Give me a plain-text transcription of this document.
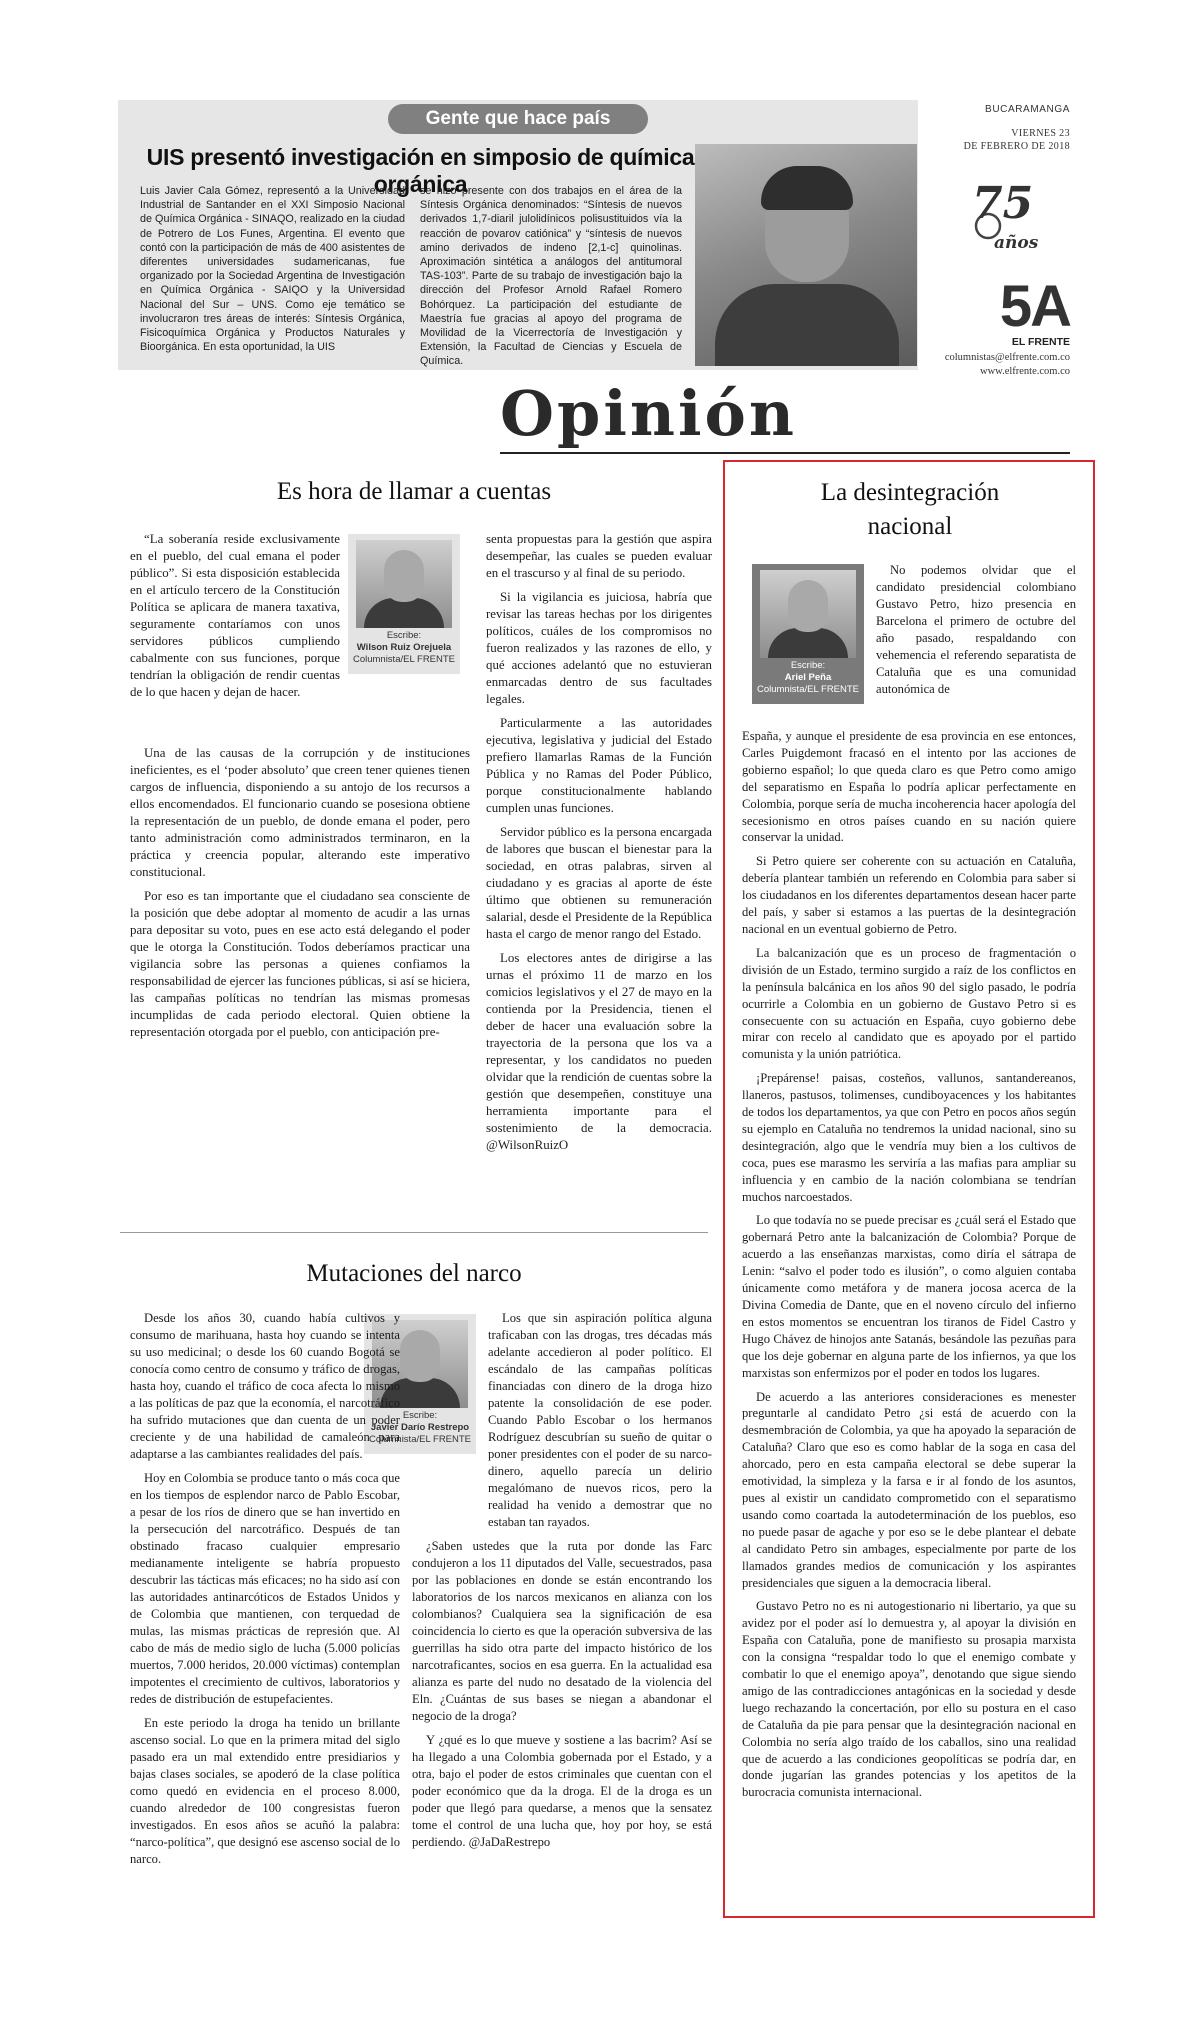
Gente que hace país
UIS presentó investigación en simposio de química orgánica
Luis Javier Cala Gómez, representó a la Universidad Industrial de Santander en el XXI Simposio Nacional de Química Orgánica - SINAQO, realizado en la ciudad de Potrero de Los Funes, Argentina. El evento que contó con la participación de más de 400 asistentes de diferentes universidades sudamericanas, fue organizado por la Sociedad Argentina de Investigación en Química Orgánica - SAIQO y la Universidad Nacional del Sur – UNS. Como eje temático se involucraron tres áreas de interés: Síntesis Orgánica, Fisicoquímica Orgánica y Productos Naturales y Bioorgánica. En esta oportunidad, la UIS
se hizo presente con dos trabajos en el área de la Síntesis Orgánica denominados: “Síntesis de nuevos derivados 1,7-diaril julolidínicos polisustituidos vía la reacción de povarov catiónica” y “síntesis de nuevos amino derivados de indeno [2,1-c] quinolinas. Aproximación sintética a análogos del antitumoral TAS-103”. Parte de su trabajo de investigación bajo la dirección del Profesor Arnold Rafael Romero Bohórquez. La participación del estudiante de Maestría fue gracias al apoyo del programa de Movilidad de la Vicerrectoría de Investigación y Extensión, la Facultad de Ciencias y Escuela de Química.
BUCARAMANGA
VIERNES 23
DE FEBRERO DE 2018
75
años
5A
EL FRENTE
columnistas@elfrente.com.co
www.elfrente.com.co
Opinión
Es hora de llamar a cuentas
Escribe:
Wilson Ruiz Orejuela
Columnista/EL FRENTE

“La soberanía reside exclusivamente en el pueblo, del cual emana el poder público”. Si esta disposición establecida en el artículo tercero de la Constitución Política se aplicara de manera taxativa, seguramente contaríamos con unos servidores públicos cumpliendo cabalmente con sus funciones, porque tendrían la obligación de rendir cuentas de lo que hacen y dejan de hacer.

senta propuestas para la gestión que aspira desempeñar, las cuales se pueden evaluar en el trascurso y al final de su periodo.

Si la vigilancia es juiciosa, habría que revisar las tareas hechas por los dirigentes políticos, cuáles de los compromisos no fueron realizados y las razones de ello, y qué acciones adelantó que no estuvieran enmarcadas dentro de sus facultades legales.

Particularmente a las autoridades ejecutiva, legislativa y judicial del Estado prefiero llamarlas Ramas de la Función Pública y no Ramas del Poder Público, porque constitucionalmente hablando cumplen unas funciones.

Servidor público es la persona encargada de labores que buscan el bienestar para la sociedad, en otras palabras, sirven al ciudadano y es gracias al aporte de éste último que obtienen su remuneración salarial, desde el Presidente de la República hasta el cargo de menor rango del Estado.

Los electores antes de dirigirse a las urnas el próximo 11 de marzo en los comicios legislativos y el 27 de mayo en la contienda por la Presidencia, tienen el deber de hacer una evaluación sobre la trayectoria de la persona que los va a representar, y los candidatos no pueden olvidar que la rendición de cuentas sobre la gestión que desempeñen, constituye una herramienta importante para el sostenimiento de la democracia. @WilsonRuizO

Una de las causas de la corrupción y de instituciones ineficientes, es el ‘poder absoluto’ que creen tener quienes tienen cargos de influencia, disponiendo a su antojo de los recursos a ellos encomendados. El funcionario cuando se posesiona obtiene la representación de un pueblo, de donde emana el poder, pero tanto administración como administrados terminaron, en la práctica y creencia popular, alterando este imperativo constitucional.

Por eso es tan importante que el ciudadano sea consciente de la posición que debe adoptar al momento de acudir a las urnas para depositar su voto, pues en ese acto está delegando el poder que le otorga la Constitución. Todos deberíamos practicar una vigilancia sobre las personas a quienes confiamos la responsabilidad de ejercer las funciones públicas, si así se hiciera, las campañas políticas no tendrían las mismas promesas incumplidas de cada periodo electoral. Quien obtiene la representación otorgada por el pueblo, con anticipación pre-

Mutaciones del narco
Escribe:
Javier Darío Restrepo
Columnista/EL FRENTE

Desde los años 30, cuando había cultivos y consumo de marihuana, hasta hoy cuando se intenta su uso medicinal; o desde los 60 cuando Bogotá se conocía como centro de consumo y tráfico de drogas, hasta hoy, cuando el tráfico de coca afecta lo mismo a las políticas de paz que la economía, el narcotráfico ha sufrido mutaciones que dan cuenta de un poder creciente y de una habilidad de camaleón para adaptarse a las cambiantes realidades del país.

Hoy en Colombia se produce tanto o más coca que en los tiempos de esplendor narco de Pablo Escobar, a pesar de los ríos de dinero que se han invertido en la persecución del narcotráfico. Después de tan obstinado fracaso cualquier empresario medianamente inteligente se habría propuesto descubrir las tácticas más eficaces; no ha sido así con las autoridades antinarcóticos de Estados Unidos y de Colombia que mantienen, con terquedad de mulas, las mismas prácticas de represión que. Al cabo de más de medio siglo de lucha (5.000 policías muertos, 7.000 heridos, 20.000 víctimas) contemplan impotentes el crecimiento de cultivos, laboratorios y redes de distribución de estupefacientes.

En este periodo la droga ha tenido un brillante ascenso social. Lo que en la primera mitad del siglo pasado era un mal extendido entre presidiarios y bajas clases sociales, se apoderó de la clase política como quedó en evidencia en el proceso 8.000, cuando alrededor de 100 congresistas fueron investigados. En esos años se acuñó la palabra: “narco-política”, que designó ese ascenso social de lo narco.

Los que sin aspiración política alguna traficaban con las drogas, tres décadas más adelante accedieron al poder político. El escándalo de las campañas políticas financiadas con dinero de la droga hizo patente la consolidación de ese poder. Cuando Pablo Escobar o los hermanos Rodríguez descubrían su sueño de quitar o poner presidentes con el poder de su narco-dinero, aquello parecía un delirio megalómano de nuevos ricos, pero la realidad ha venido a demostrar que no estaban tan rayados.

¿Saben ustedes que la ruta por donde las Farc condujeron a los 11 diputados del Valle, secuestrados, pasa por las poblaciones en donde se están encontrando los laboratorios de los narcos mexicanos en alianza con los colombianos? Cualquiera sea la significación de esa coincidencia lo cierto es que la operación subversiva de las guerrillas ha sido otra parte del impacto histórico de los narcotraficantes, socios en esa guerra. En la actualidad esa alianza es parte del nudo no desatado de la violencia del Eln. ¿Cuántas de sus bases se niegan a abandonar el negocio de la droga?

Y ¿qué es lo que mueve y sostiene a las bacrim? Así se ha llegado a una Colombia gobernada por el Estado, y a otra, bajo el poder de estos criminales que cuentan con el poder económico que da la droga. El de la droga es un poder que llegó para quedarse, a menos que la sensatez tome el control de una lucha que, hoy por hoy, se está perdiendo. @JaDaRestrepo

La desintegración
nacional
Escribe:
Ariel Peña
Columnista/EL FRENTE

No podemos olvidar que el candidato presidencial colombiano Gustavo Petro, hizo presencia en Barcelona el primero de octubre del año pasado, respaldando con vehemencia el referendo separatista de Cataluña que es una comunidad autonómica de

España, y aunque el presidente de esa provincia en ese entonces, Carles Puigdemont fracasó en el intento por las acciones de gobierno español; lo que queda claro es que Petro como amigo del separatismo en España lo podría aplicar perfectamente en Colombia, porque sería de mucha incoherencia hacer apología del secesionismo en otros países cuando en su nación quiere conservar la unidad.

Si Petro quiere ser coherente con su actuación en Cataluña, debería plantear también un referendo en Colombia para saber si los ciudadanos en los diferentes departamentos desean hacer parte del país, y saber si estamos a las puertas de la desintegración nacional en un eventual gobierno de Petro.

La balcanización que es un proceso de fragmentación o división de un Estado, termino surgido a raíz de los conflictos en la península balcánica en los años 90 del siglo pasado, le podría ocurrirle a Colombia en un gobierno de Gustavo Petro si es consecuente con su actuación en España, cuyo gobierno debe mirar con recelo al candidato que es apoyado por el partido comunista y la unión patriótica.

¡Prepárense! paisas, costeños, vallunos, santandereanos, llaneros, pastusos, tolimenses, cundiboyacences y los habitantes de todos los departamentos, ya que con Petro en pocos años según su ejemplo en Cataluña no tendremos la unidad nacional, sino su desintegración, algo que le vendría muy bien a los cultivos de coca, pues ese marasmo les serviría a las mafias para ampliar su influencia y en cambio de la nación colombiana se tendrían muchos narcoestados.

Lo que todavía no se puede precisar es ¿cuál será el Estado que gobernará Petro ante la balcanización de Colombia? Porque de acuerdo a las enseñanzas marxistas, como diría el sátrapa de Lenin: “salvo el poder todo es ilusión”, o como alguien contaba únicamente como metáfora y de manera jocosa acerca de la Divina Comedia de Dante, que en el noveno círculo del infierno en estos momentos se encuentran los tiranos de Fidel Castro y Hugo Chávez de hinojos ante Satanás, besándole las pezuñas para que los deje gobernar en alguna parte de los infiernos, ya que los marxistas son enfermizos por el poder en todos los lugares.

De acuerdo a las anteriores consideraciones es menester preguntarle al candidato Petro ¿si está de acuerdo con la desmembración de Colombia, ya que ha apoyado la separación de Cataluña? Claro que eso es como hablar de la soga en casa del ahorcado, pero en esta campaña electoral se debe superar la emotividad, la simpleza y la farsa e ir al fondo de los asuntos, pues al existir un candidato comprometido con el separatismo usando como coartada la autodeterminación de los pueblos, eso no puede pasar de agache y por eso se le debe plantear el debate al candidato Petro sin ambages, especialmente por parte de los llamados grandes medios de comunicación y los aspirantes presidenciales que siguen a la democracia liberal.

Gustavo Petro no es ni autogestionario ni libertario, ya que su avidez por el poder así lo demuestra y, al apoyar la división en España con Cataluña, pone de manifiesto su prosapia marxista con la consigna “respaldar todo lo que el enemigo combate y combatir lo que el enemigo apoya”, denotando que sigue siendo amigo de las contradicciones antagónicas en la sociedad y desde luego rechazando la concertación, por ello su postura en el caso de Cataluña da pie para pensar que la desintegración nacional en Colombia no sería algo traído de los caballos, sino una realidad que de acuerdo a las condiciones geopolíticas se podría dar, en donde jugarían las grandes potencias y los apetitos de la burocracia comunista internacional.
